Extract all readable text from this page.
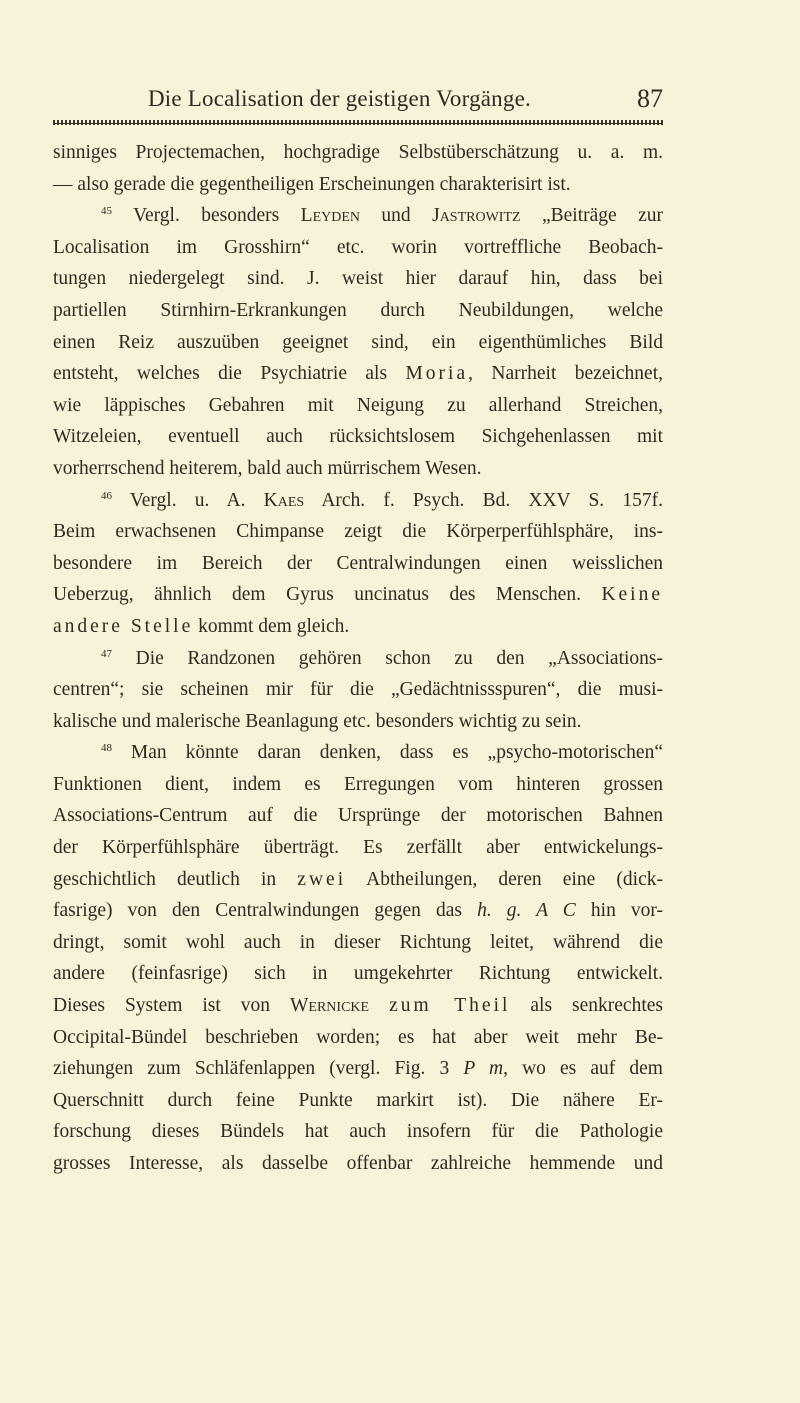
Die Localisation der geistigen Vorgänge.	87
sinniges Projectemachen, hochgradige Selbstüberschätzung u. a. m.
— also gerade die gegentheiligen Erscheinungen charakterisirt ist.
$^{45}$ Vergl. besonders Leyden und Jastrowitz „Beiträge zur
Localisation im Grosshirn“ etc. worin vortreffliche Beobach-
tungen niedergelegt sind. J. weist hier darauf hin, dass bei
partiellen Stirnhirn-Erkrankungen durch Neubildungen, welche
einen Reiz auszuüben geeignet sind, ein eigenthümliches Bild
entsteht, welches die Psychiatrie als Moria, Narrheit bezeichnet,
wie läppisches Gebahren mit Neigung zu allerhand Streichen,
Witzeleien, eventuell auch rücksichtslosem Sichgehenlassen mit
vorherrschend heiterem, bald auch mürrischem Wesen.
$^{46}$ Vergl. u. A. Kaes Arch. f. Psych. Bd. XXV S. 157f.
Beim erwachsenen Chimpanse zeigt die Körperperfühlsphäre, ins-
besondere im Bereich der Centralwindungen einen weisslichen
Ueberzug, ähnlich dem Gyrus uncinatus des Menschen. Keine
andere Stelle kommt dem gleich.
$^{47}$ Die Randzonen gehören schon zu den „Associations-
centren“; sie scheinen mir für die „Gedächtnissspuren“, die musi-
kalische und malerische Beanlagung etc. besonders wichtig zu sein.
$^{48}$ Man könnte daran denken, dass es „psycho-motorischen“
Funktionen dient, indem es Erregungen vom hinteren grossen
Associations-Centrum auf die Ursprünge der motorischen Bahnen
der Körperfühlsphäre überträgt. Es zerfällt aber entwickelungs-
geschichtlich deutlich in zwei Abtheilungen, deren eine (dick-
fasrige) von den Centralwindungen gegen das h. g. A C hin vor-
dringt, somit wohl auch in dieser Richtung leitet, während die
andere (feinfasrige) sich in umgekehrter Richtung entwickelt.
Dieses System ist von Wernicke zum Theil als senkrechtes
Occipital-Bündel beschrieben worden; es hat aber weit mehr Be-
ziehungen zum Schläfenlappen (vergl. Fig. 3 P m, wo es auf dem
Querschnitt durch feine Punkte markirt ist). Die nähere Er-
forschung dieses Bündels hat auch insofern für die Pathologie
grosses Interesse, als dasselbe offenbar zahlreiche hemmende und
